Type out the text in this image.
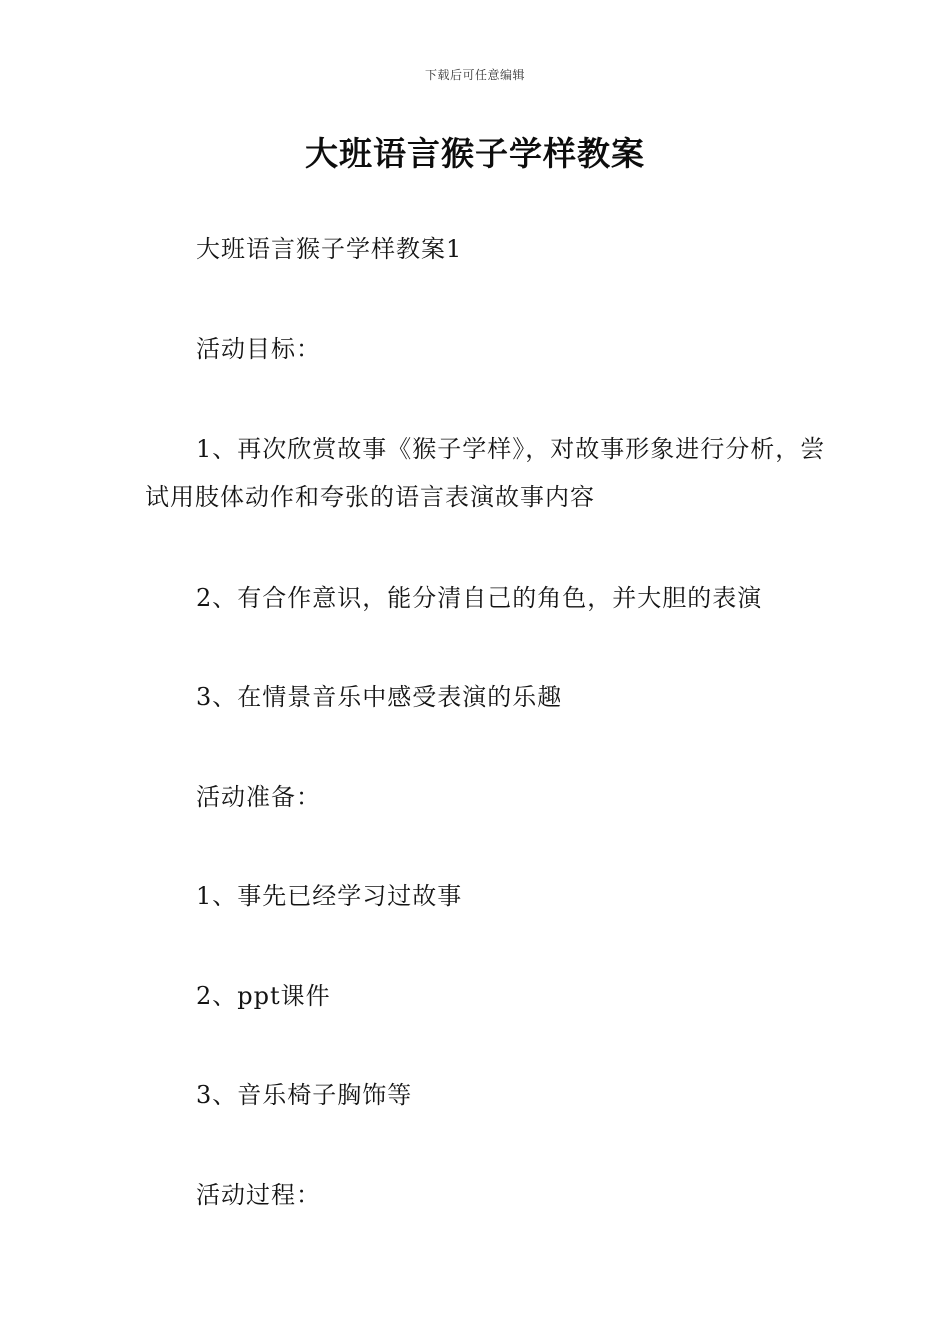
下载后可任意编辑
大班语言猴子学样教案
大班语言猴子学样教案1
活动目标：
1、再次欣赏故事《猴子学样》，对故事形象进行分析，尝试用肢体动作和夸张的语言表演故事内容
2、有合作意识，能分清自己的角色，并大胆的表演
3、在情景音乐中感受表演的乐趣
活动准备：
1、事先已经学习过故事
2、ppt课件
3、音乐椅子胸饰等
活动过程：
